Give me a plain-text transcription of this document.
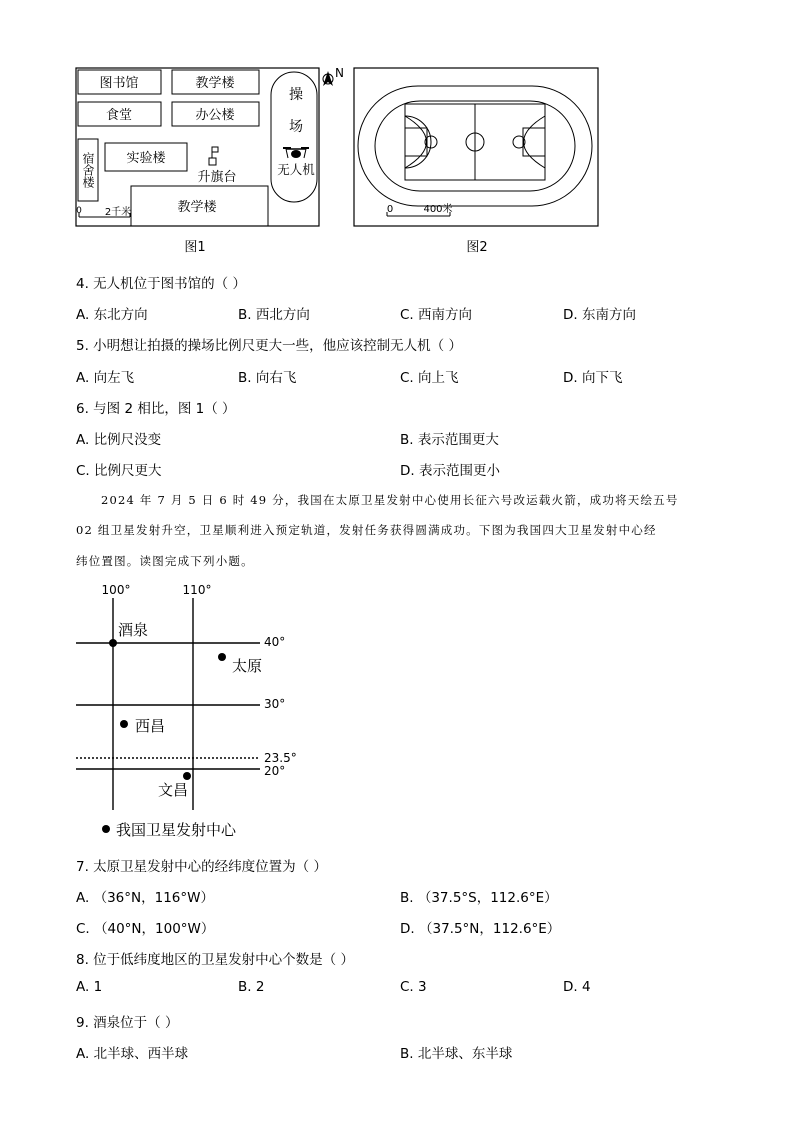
图书馆	教学楼
食堂	办公楼
实验楼
宿舍楼	升旗台
教学楼
操
场
无人机
N
0 2千米
图1
0	400米
图2
4. 无人机位于图书馆的（ ）
A. 东北方向	B. 西北方向	C. 西南方向	D. 东南方向
5. 小明想让拍摄的操场比例尺更大一些，他应该控制无人机（ ）
A. 向左飞	B. 向右飞	C. 向上飞	D. 向下飞
6. 与图 2 相比，图 1（ ）
A. 比例尺没变	B. 表示范围更大
C. 比例尺更大	D. 表示范围更小
2024 年 7 月 5 日 6 时 49 分，我国在太原卫星发射中心使用长征六号改运载火箭，成功将天绘五号
02 组卫星发射升空，卫星顺利进入预定轨道，发射任务获得圆满成功。下图为我国四大卫星发射中心经
纬位置图。读图完成下列小题。
100°	110°
40°
30°
23.5°
20°
酒泉
太原
西昌
文昌
我国卫星发射中心
7. 太原卫星发射中心的经纬度位置为（ ）
A. （36°N，116°W）	B. （37.5°S，112.6°E）
C. （40°N，100°W）	D. （37.5°N，112.6°E）
8. 位于低纬度地区的卫星发射中心个数是（ ）
A. 1	B. 2	C. 3	D. 4
9. 酒泉位于（ ）
A. 北半球、西半球	B. 北半球、东半球
